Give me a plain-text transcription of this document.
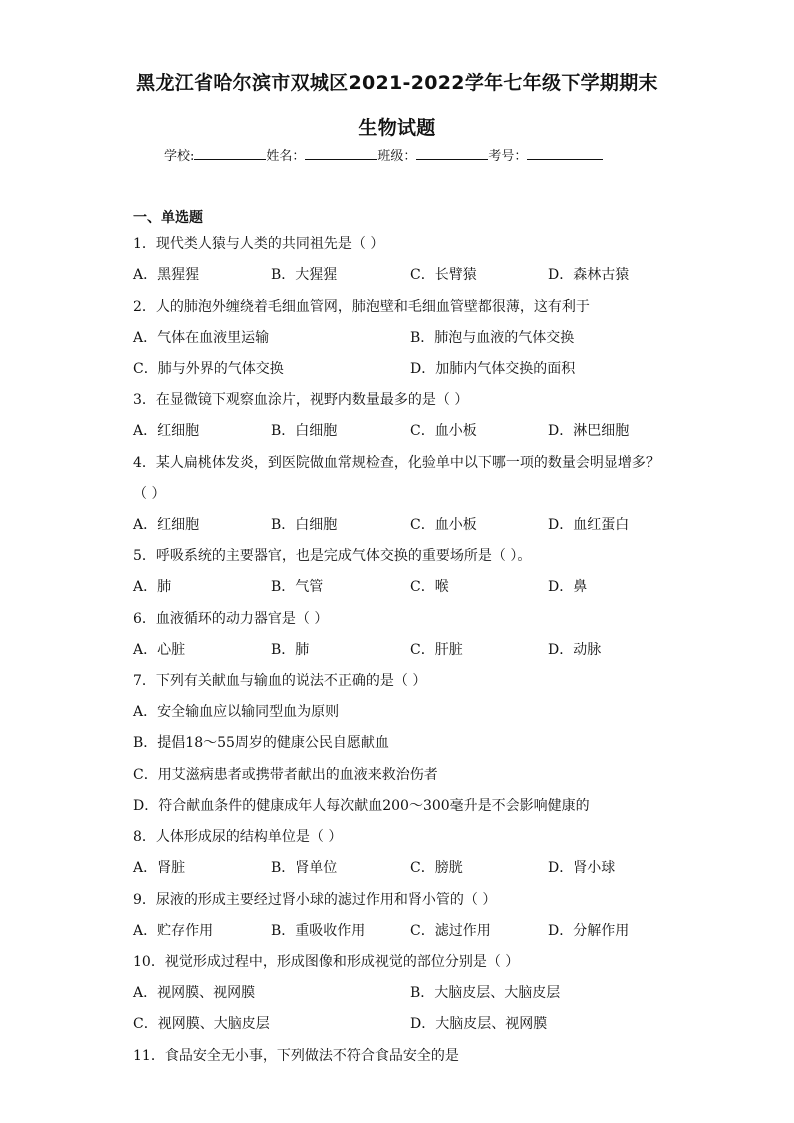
黑龙江省哈尔滨市双城区2021-2022学年七年级下学期期末
生物试题
学校:	姓名：	班级：	考号：
一、单选题
1．现代类人猿与人类的共同祖先是（ ）
A．黑猩猩	B．大猩猩	C．长臂猿	D．森林古猿
2．人的肺泡外缠绕着毛细血管网，肺泡壁和毛细血管壁都很薄，这有利于
A．气体在血液里运输	B．肺泡与血液的气体交换
C．肺与外界的气体交换	D．加肺内气体交换的面积
3．在显微镜下观察血涂片，视野内数量最多的是（ ）
A．红细胞	B．白细胞	C．血小板	D．淋巴细胞
4．某人扁桃体发炎，到医院做血常规检查，化验单中以下哪一项的数量会明显增多？
（ ）
A．红细胞	B．白细胞	C．血小板	D．血红蛋白
5．呼吸系统的主要器官，也是完成气体交换的重要场所是（ ）。
A．肺	B．气管	C．喉	D．鼻
6．血液循环的动力器官是（ ）
A．心脏	B．肺	C．肝脏	D．动脉
7．下列有关献血与输血的说法不正确的是（ ）
A．安全输血应以输同型血为原则
B．提倡18～55周岁的健康公民自愿献血
C．用艾滋病患者或携带者献出的血液来救治伤者
D．符合献血条件的健康成年人每次献血200～300毫升是不会影响健康的
8．人体形成尿的结构单位是（ ）
A．肾脏	B．肾单位	C．膀胱	D．肾小球
9．尿液的形成主要经过肾小球的滤过作用和肾小管的（ ）
A．贮存作用	B．重吸收作用	C．滤过作用	D．分解作用
10．视觉形成过程中，形成图像和形成视觉的部位分别是（ ）
A．视网膜、视网膜	B．大脑皮层、大脑皮层
C．视网膜、大脑皮层	D．大脑皮层、视网膜
11．食品安全无小事，下列做法不符合食品安全的是
